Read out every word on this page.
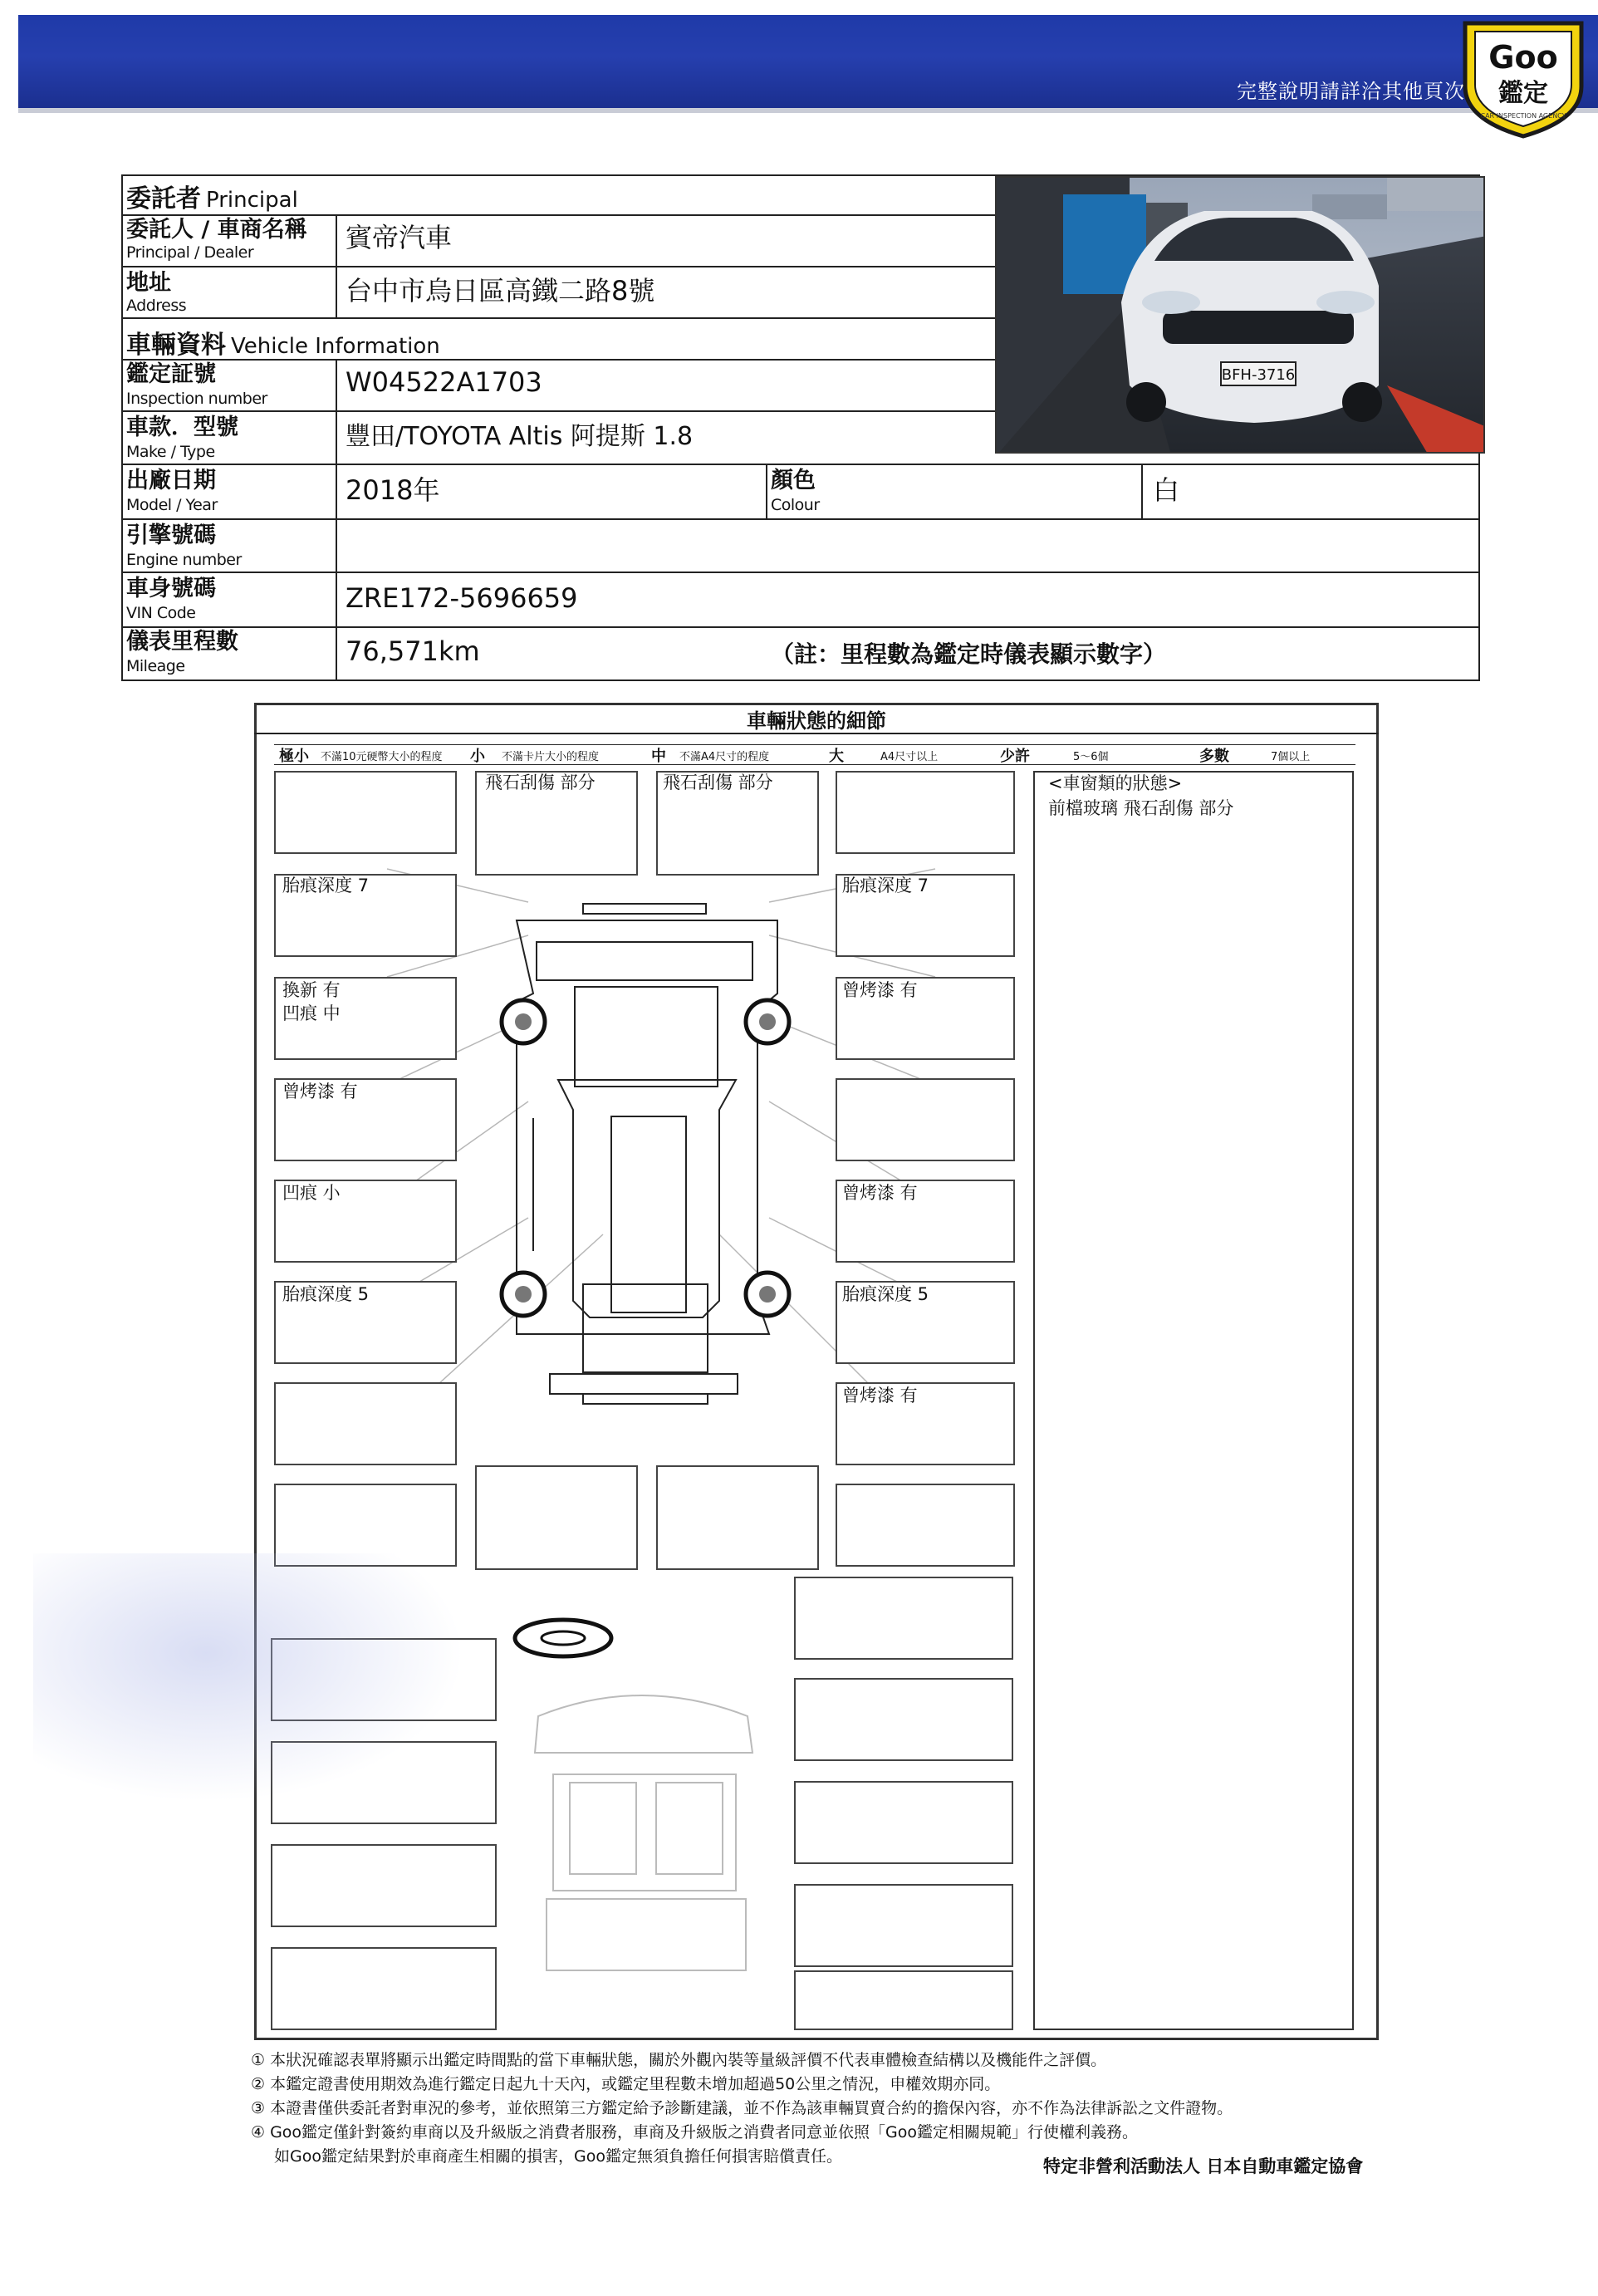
完整說明請詳洽其他頁次
Goo
鑑定
CAR INSPECTION AGENCY
委託者 Principal
委託人 / 車商名稱
Principal / Dealer	賓帝汽車
地址
Address	台中市烏日區高鐵二路8號
車輛資料 Vehicle Information
鑑定証號
Inspection number
W04522A1703
車款．型號
Make / Type
豐田/TOYOTA Altis 阿提斯 1.8
出廠日期
Model / Year	2018年	顏色
Colour	白
引擎號碼
Engine number
車身號碼
VIN Code	ZRE172-5696659
儀表里程數
Mileage	76,571km	（註：里程數為鑑定時儀表顯示數字）
BFH-3716
車輛狀態的細節
極小 不滿10元硬幣大小的程度 小 不滿卡片大小的程度	中 不滿A4尺寸的程度	大	A4尺寸以上	少許	5～6個	多數	7個以上
胎痕深度 7
換新 有
凹痕 中
曾烤漆 有
凹痕 小
胎痕深度 5
飛石刮傷 部分	飛石刮傷 部分
胎痕深度 7
曾烤漆 有
曾烤漆 有
胎痕深度 5
曾烤漆 有
<車窗類的狀態>
前檔玻璃 飛石刮傷 部分
① 本狀況確認表單將顯示出鑑定時間點的當下車輛狀態，關於外觀內裝等量級評價不代表車體檢查結構以及機能件之評價。
② 本鑑定證書使用期效為進行鑑定日起九十天內，或鑑定里程數未增加超過50公里之情況，申權效期亦同。
③ 本證書僅供委託者對車況的參考，並依照第三方鑑定給予診斷建議，並不作為該車輛買賣合約的擔保內容，亦不作為法律訴訟之文件證物。
④ Goo鑑定僅針對簽約車商以及升級版之消費者服務，車商及升級版之消費者同意並依照「Goo鑑定相關規範」行使權利義務。
如Goo鑑定結果對於車商產生相關的損害，Goo鑑定無須負擔任何損害賠償責任。	特定非營利活動法人 日本自動車鑑定協會
